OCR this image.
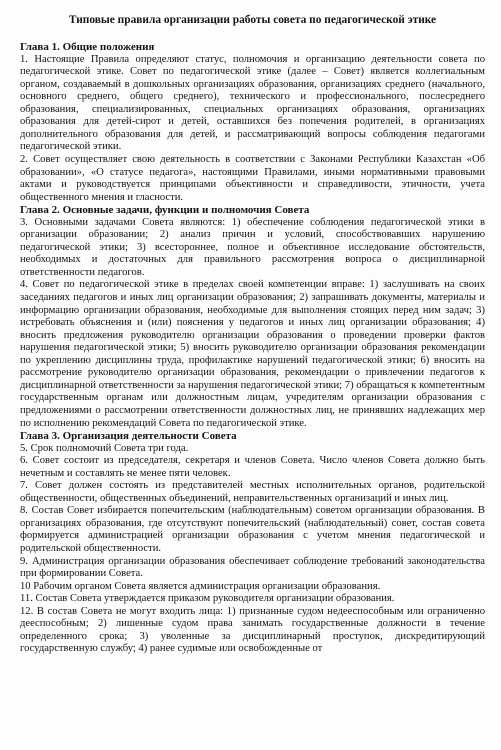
Типовые правила организации работы совета по педагогической этике
Глава 1. Общие положения

1. Настоящие Правила определяют статус, полномочия и организацию деятельности совета по педагогической этике. Совет по педагогической этике (далее – Совет) является коллегиальным органом, создаваемый в дошкольных организациях образования, организациях среднего (начального, основного среднего, общего среднего), технического и профессионального, послесреднего образования, специализированных, специальных организациях образования, организациях образования для детей-сирот и детей, оставшихся без попечения родителей, в организациях дополнительного образования для детей, и рассматривающий вопросы соблюдения педагогами педагогической этики.

2. Совет осуществляет свою деятельность в соответствии с Законами Республики Казахстан «Об образовании», «О статусе педагога», настоящими Правилами, иными нормативными правовыми актами и руководствуется принципами объективности и справедливости, этичности, учета общественного мнения и гласности.

Глава 2. Основные задачи, функции и полномочия Совета

3. Основными задачами Совета являются: 1) обеспечение соблюдения педагогической этики в организации образовании; 2) анализ причин и условий, способствовавших нарушению педагогической этики; 3) всестороннее, полное и объективное исследование обстоятельств, необходимых и достаточных для правильного рассмотрения вопроса о дисциплинарной ответственности педагогов.

4. Совет по педагогической этике в пределах своей компетенции вправе: 1) заслушивать на своих заседаниях педагогов и иных лиц организации образования; 2) запрашивать документы, материалы и информацию организации образования, необходимые для выполнения стоящих перед ним задач; 3) истребовать объяснения и (или) пояснения у педагогов и иных лиц организации образования; 4) вносить предложения руководителю организации образования о проведении проверки фактов нарушения педагогической этики; 5) вносить руководителю организации образования рекомендации по укреплению дисциплины труда, профилактике нарушений педагогической этики; 6) вносить на рассмотрение руководителю организации образования, рекомендации о привлечении педагогов к дисциплинарной ответственности за нарушения педагогической этики; 7) обращаться к компетентным государственным органам или должностным лицам, учредителям организации образования с предложениями о рассмотрении ответственности должностных лиц, не принявших надлежащих мер по исполнению рекомендаций Совета по педагогической этике.

Глава 3. Организация деятельности Совета

5. Срок полномочий Совета три года.

6. Совет состоит из председателя, секретаря и членов Совета. Число членов Совета должно быть нечетным и составлять не менее пяти человек.

7. Совет должен состоять из представителей местных исполнительных органов, родительской общественности, общественных объединений, неправительственных организаций и иных лиц.

8. Состав Совет избирается попечительским (наблюдательным) советом организации образования. В организациях образования, где отсутствуют попечительский (наблюдательный) совет, состав совета формируется администрацией организации образования с учетом мнения педагогической и родительской общественности.

9. Администрация организации образования обеспечивает соблюдение требований законодательства при формировании Совета.

10 Рабочим органом Совета является администрация организации образования.

11. Состав Совета утверждается приказом руководителя организации образования.

12. В состав Совета не могут входить лица: 1) признанные судом недееспособным или ограниченно дееспособным; 2) лишенные судом права занимать государственные должности в течение определенного срока; 3) уволенные за дисциплинарный проступок, дискредитирующий государственную службу; 4) ранее судимые или освобожденные от
